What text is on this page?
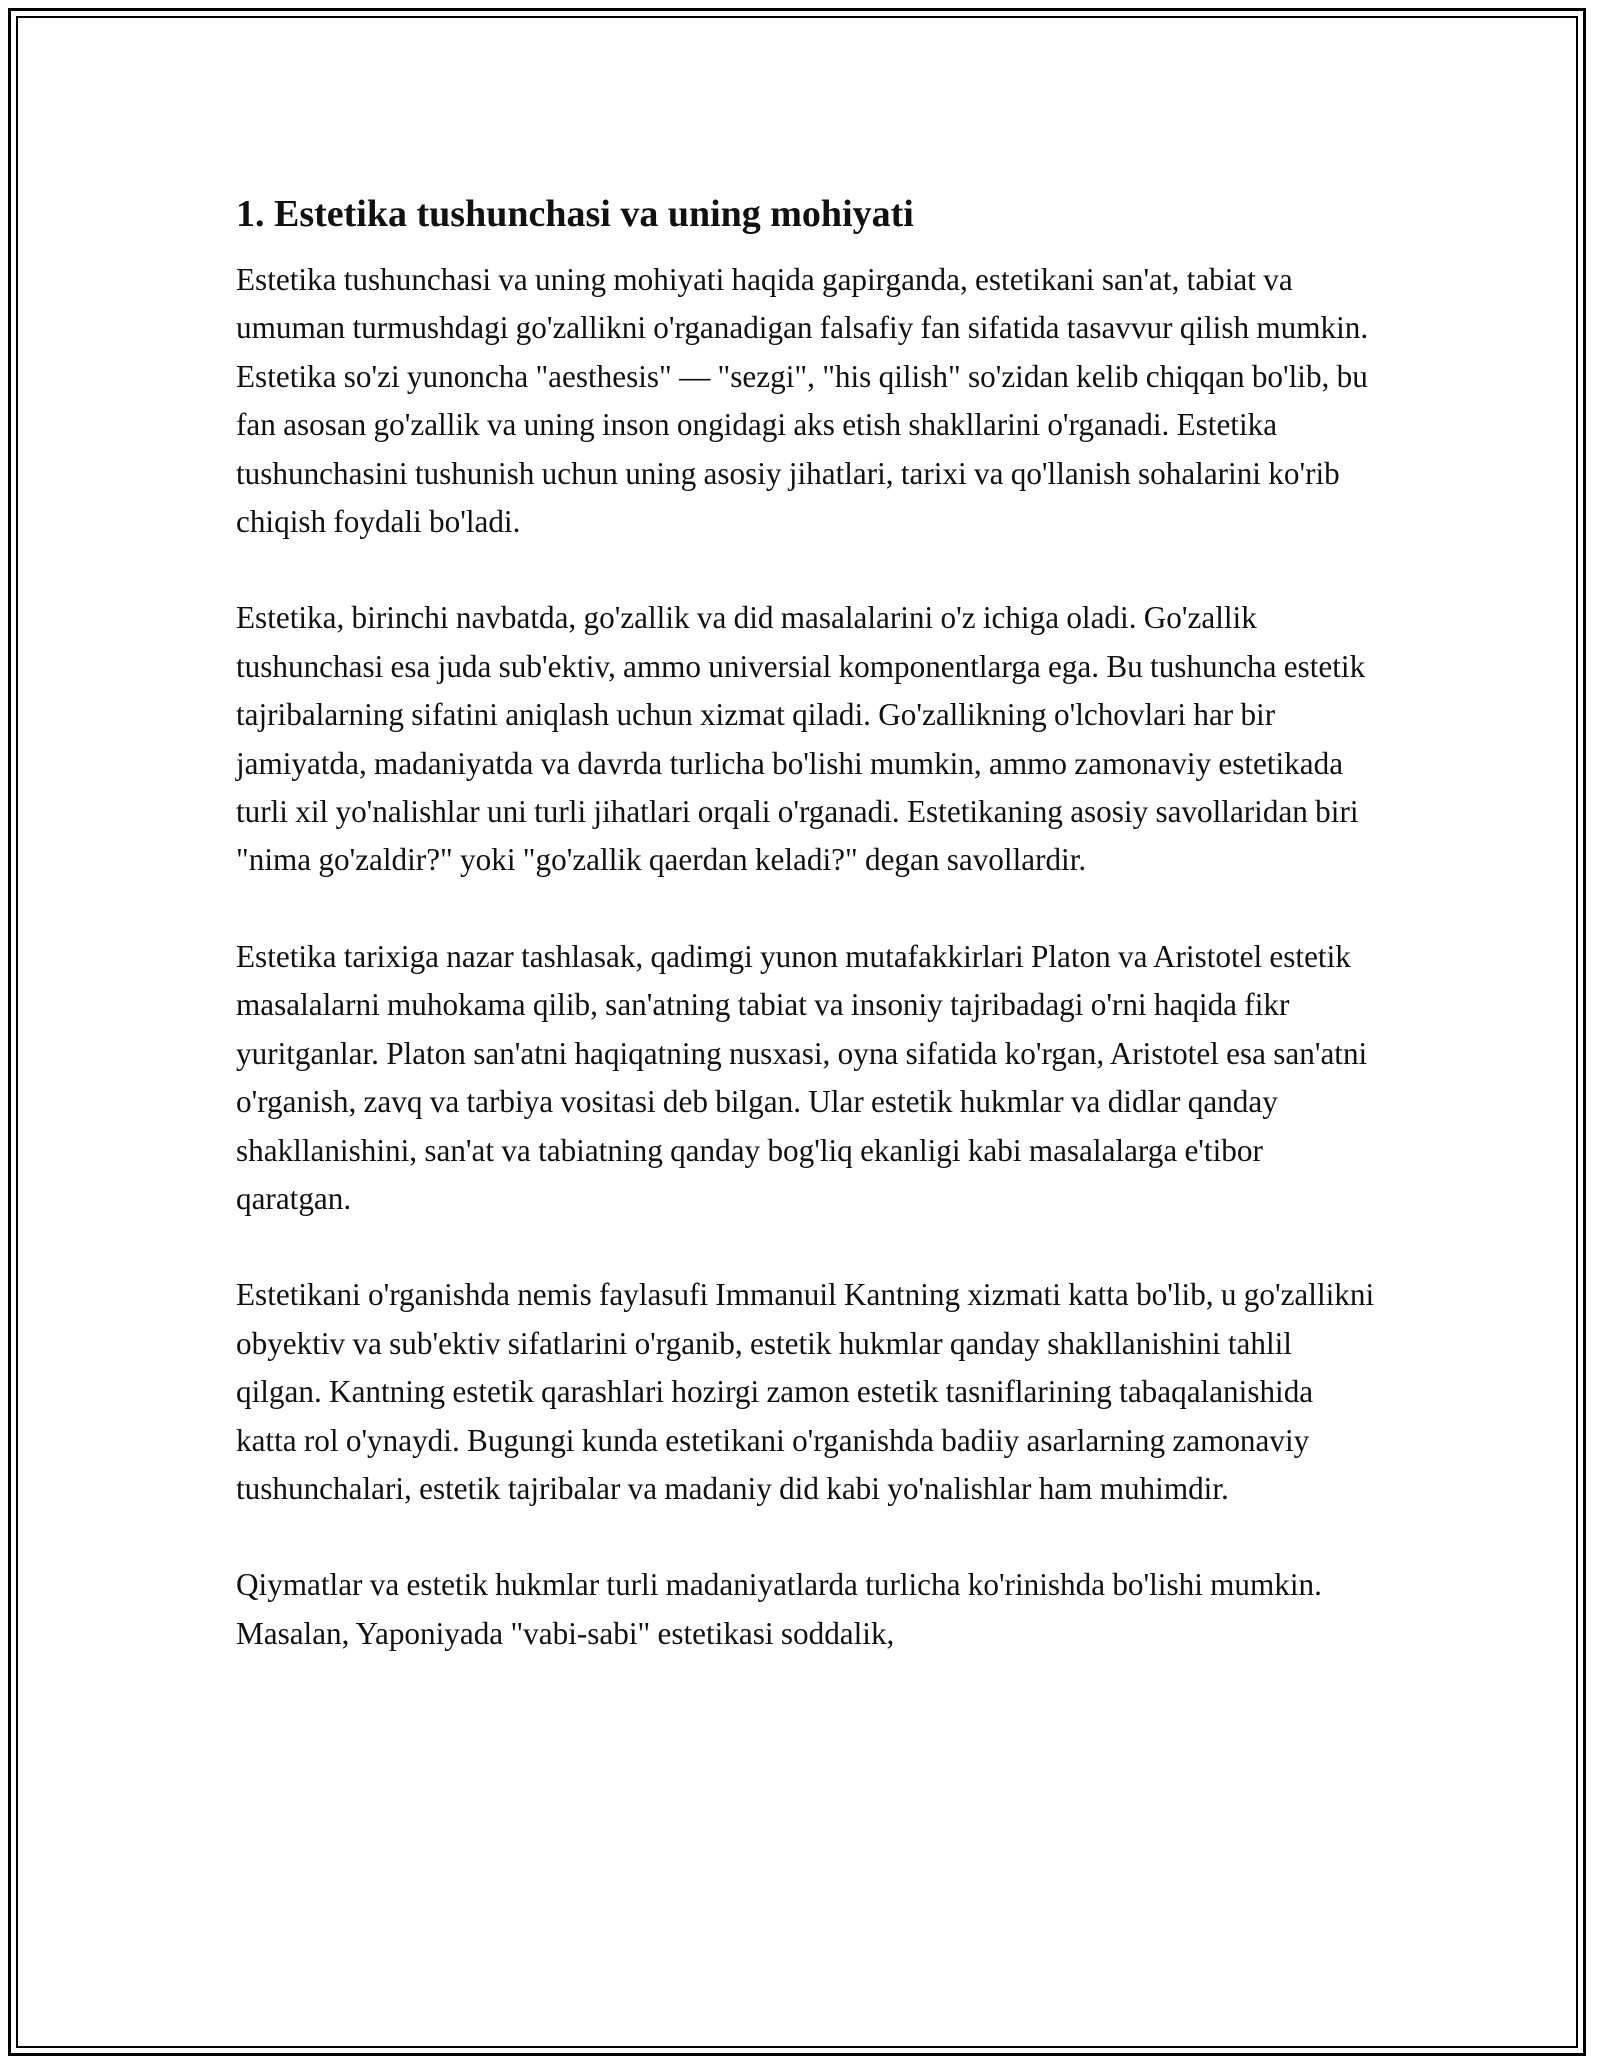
1. Estetika tushunchasi va uning mohiyati

Estetika tushunchasi va uning mohiyati haqida gapirganda, estetikani san'at, tabiat va umuman turmushdagi go'zallikni o'rganadigan falsafiy fan sifatida tasavvur qilish mumkin. Estetika so'zi yunoncha "aesthesis" — "sezgi", "his qilish" so'zidan kelib chiqqan bo'lib, bu fan asosan go'zallik va uning inson ongidagi aks etish shakllarini o'rganadi. Estetika tushunchasini tushunish uchun uning asosiy jihatlari, tarixi va qo'llanish sohalarini ko'rib chiqish foydali bo'ladi.

Estetika, birinchi navbatda, go'zallik va did masalalarini o'z ichiga oladi. Go'zallik tushunchasi esa juda sub'ektiv, ammo universial komponentlarga ega. Bu tushuncha estetik tajribalarning sifatini aniqlash uchun xizmat qiladi. Go'zallikning o'lchovlari har bir jamiyatda, madaniyatda va davrda turlicha bo'lishi mumkin, ammo zamonaviy estetikada turli xil yo'nalishlar uni turli jihatlari orqali o'rganadi. Estetikaning asosiy savollaridan biri "nima go'zaldir?" yoki "go'zallik qaerdan keladi?" degan savollardir.

Estetika tarixiga nazar tashlasak, qadimgi yunon mutafakkirlari Platon va Aristotel estetik masalalarni muhokama qilib, san'atning tabiat va insoniy tajribadagi o'rni haqida fikr yuritganlar. Platon san'atni haqiqatning nusxasi, oyna sifatida ko'rgan, Aristotel esa san'atni o'rganish, zavq va tarbiya vositasi deb bilgan. Ular estetik hukmlar va didlar qanday shakllanishini, san'at va tabiatning qanday bog'liq ekanligi kabi masalalarga e'tibor qaratgan.

Estetikani o'rganishda nemis faylasufi Immanuil Kantning xizmati katta bo'lib, u go'zallikni obyektiv va sub'ektiv sifatlarini o'rganib, estetik hukmlar qanday shakllanishini tahlil qilgan. Kantning estetik qarashlari hozirgi zamon estetik tasniflarining tabaqalanishida katta rol o'ynaydi. Bugungi kunda estetikani o'rganishda badiiy asarlarning zamonaviy tushunchalari, estetik tajribalar va madaniy did kabi yo'nalishlar ham muhimdir.

Qiymatlar va estetik hukmlar turli madaniyatlarda turlicha ko'rinishda bo'lishi mumkin. Masalan, Yaponiyada "vabi-sabi" estetikasi soddalik,
